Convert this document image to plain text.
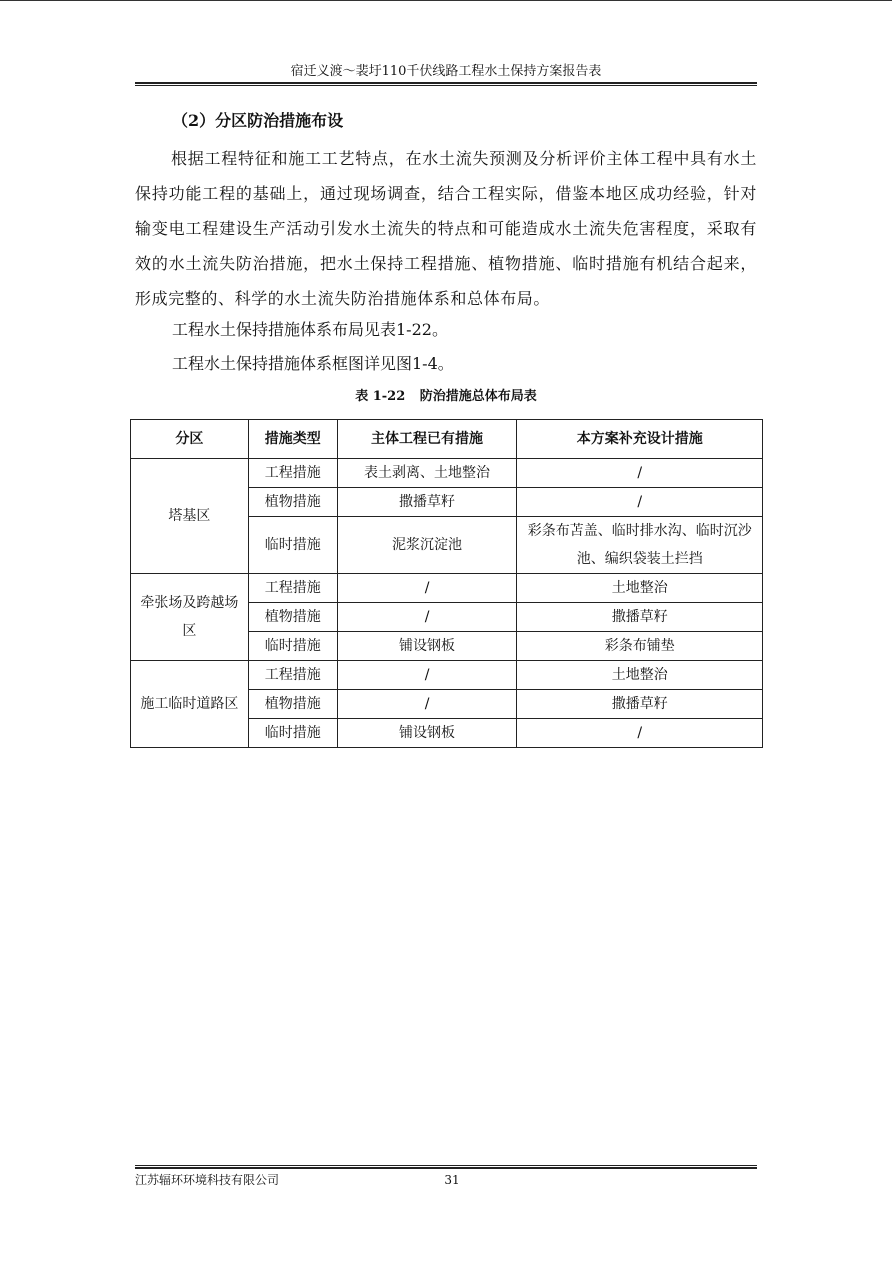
宿迁义渡～裴圩110千伏线路工程水土保持方案报告表
（2）分区防治措施布设

根据工程特征和施工工艺特点，在水土流失预测及分析评价主体工程中具有水土保持功能工程的基础上，通过现场调查，结合工程实际，借鉴本地区成功经验，针对输变电工程建设生产活动引发水土流失的特点和可能造成水土流失危害程度，采取有效的水土流失防治措施，把水土保持工程措施、植物措施、临时措施有机结合起来，形成完整的、科学的水土流失防治措施体系和总体布局。

工程水土保持措施体系布局见表1-22。

工程水土保持措施体系框图详见图1-4。

表 1-22 防治措施总体布局表
分区	措施类型	主体工程已有措施	本方案补充设计措施
塔基区	工程措施	表土剥离、土地整治	/
	植物措施	撒播草籽	/
	临时措施	泥浆沉淀池	彩条布苫盖、临时排水沟、临时沉沙池、编织袋装土拦挡
牵张场及跨越场区	工程措施	/	土地整治
	植物措施	/	撒播草籽
	临时措施	铺设钢板	彩条布铺垫
施工临时道路区	工程措施	/	土地整治
	植物措施	/	撒播草籽
	临时措施	铺设钢板	/
江苏辐环环境科技有限公司	31
